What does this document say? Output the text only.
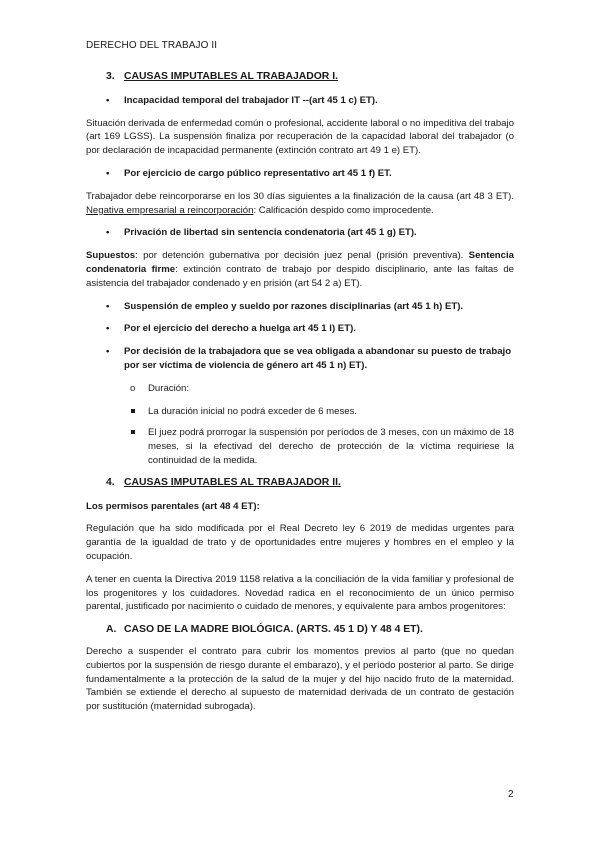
DERECHO DEL TRABAJO II
3. CAUSAS IMPUTABLES AL TRABAJADOR I.
• Incapacidad temporal del trabajador IT --(art 45 1 c) ET).
Situación derivada de enfermedad común o profesional, accidente laboral o no impeditiva del trabajo (art 169 LGSS). La suspensión finaliza por recuperación de la capacidad laboral del trabajador (o por declaración de incapacidad permanente (extinción contrato art 49 1 e) ET).
• Por ejercicio de cargo público representativo art 45 1 f) ET.
Trabajador debe reincorporarse en los 30 días siguientes a la finalización de la causa (art 48 3 ET). Negativa empresarial a reincorporación: Calificación despido como improcedente.
• Privación de libertad sin sentencia condenatoria (art 45 1 g) ET).
Supuestos: por detención gubernativa por decisión juez penal (prisión preventiva). Sentencia condenatoria firme: extinción contrato de trabajo por despido disciplinario, ante las faltas de asistencia del trabajador condenado y en prisión (art 54 2 a) ET).
• Suspensión de empleo y sueldo por razones disciplinarias (art 45 1 h) ET).
• Por el ejercicio del derecho a huelga art 45 1 l) ET).
• Por decisión de la trabajadora que se vea obligada a abandonar su puesto de trabajo por ser víctima de violencia de género art 45 1 n) ET).
o Duración:
La duración inicial no podrá exceder de 6 meses.
El juez podrá prorrogar la suspensión por períodos de 3 meses, con un máximo de 18 meses, si la efectivad del derecho de protección de la víctima requiriese la continuidad de la medida.
4. CAUSAS IMPUTABLES AL TRABAJADOR II.
Los permisos parentales (art 48 4 ET):
Regulación que ha sido modificada por el Real Decreto ley 6 2019 de medidas urgentes para garantía de la igualdad de trato y de oportunidades entre mujeres y hombres en el empleo y la ocupación.
A tener en cuenta la Directiva 2019 1158 relativa a la conciliación de la vida familiar y profesional de los progenitores y los cuidadores. Novedad radica en el reconocimiento de un único permiso parental, justificado por nacimiento o cuidado de menores, y equivalente para ambos progenitores:
A. CASO DE LA MADRE BIOLÓGICA. (ARTS. 45 1 D) Y 48 4 ET).
Derecho a suspender el contrato para cubrir los momentos previos al parto (que no quedan cubiertos por la suspensión de riesgo durante el embarazo), y el período posterior al parto. Se dirige fundamentalmente a la protección de la salud de la mujer y del hijo nacido fruto de la maternidad. También se extiende el derecho al supuesto de maternidad derivada de un contrato de gestación por sustitución (maternidad subrogada).
2
